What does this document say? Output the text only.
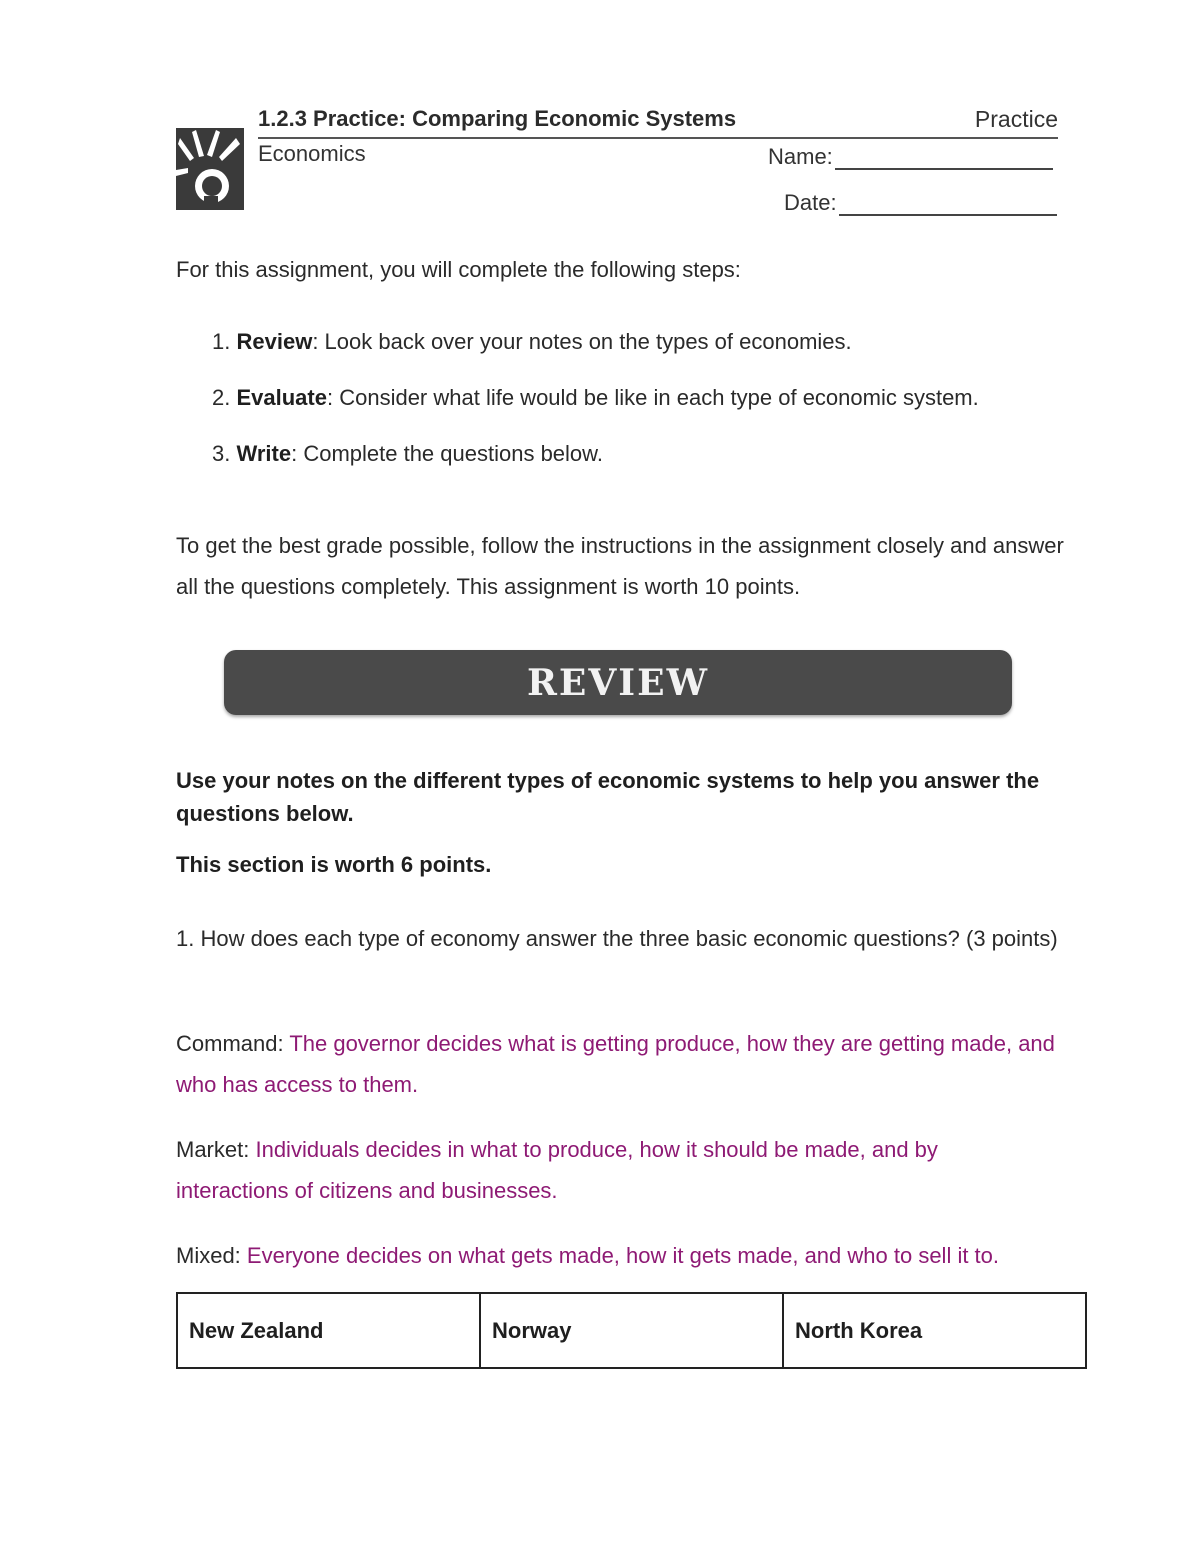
1.2.3 Practice: Comparing Economic Systems	Practice
Economics	Name:
Date:
For this assignment, you will complete the following steps:
1. Review: Look back over your notes on the types of economies.
2. Evaluate: Consider what life would be like in each type of economic system.
3. Write: Complete the questions below.
To get the best grade possible, follow the instructions in the assignment closely and answer all the questions completely. This assignment is worth 10 points.
REVIEW
Use your notes on the different types of economic systems to help you answer the questions below.
This section is worth 6 points.
1. How does each type of economy answer the three basic economic questions? (3 points)
Command: The governor decides what is getting produce, how they are getting made, and who has access to them.
Market: Individuals decides in what to produce, how it should be made, and by interactions of citizens and businesses.
Mixed: Everyone decides on what gets made, how it gets made, and who to sell it to.
New Zealand	Norway	North Korea
